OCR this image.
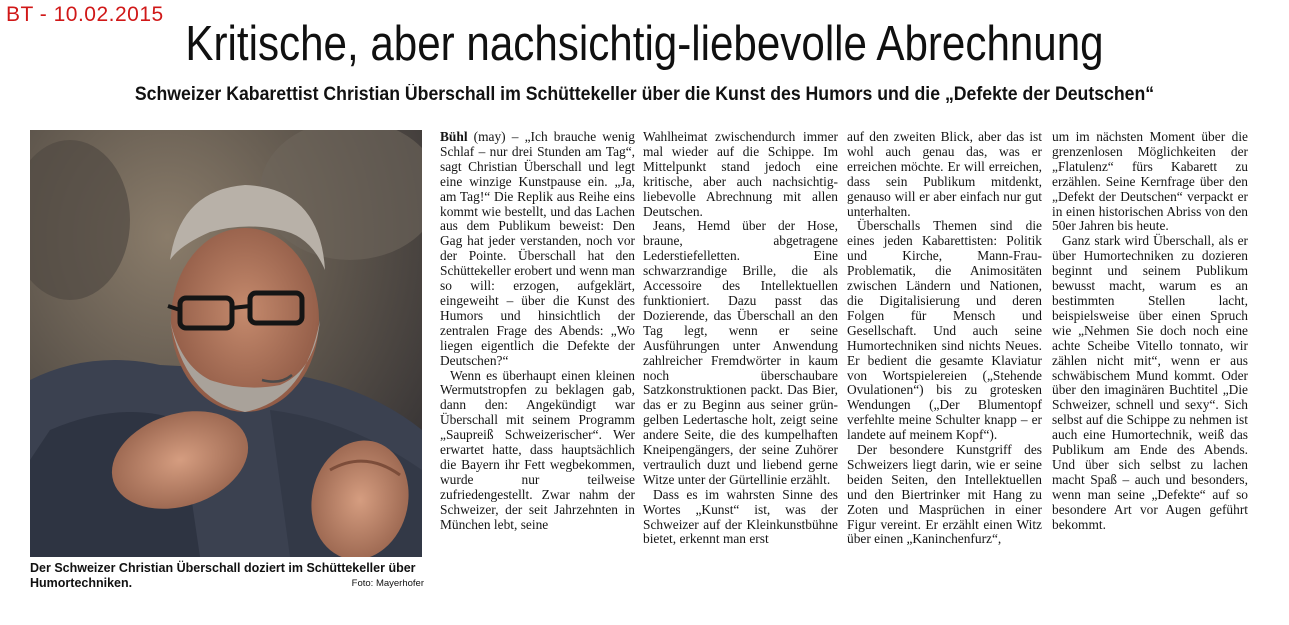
BT - 10.02.2015
Kritische, aber nachsichtig-liebevolle Abrechnung
Schweizer Kabarettist Christian Überschall im Schüttekeller über die Kunst des Humors und die „Defekte der Deutschen“
Der Schweizer Christian Überschall doziert im Schüttekeller über Humortechniken.	Foto: Mayerhofer

Bühl (may) – „Ich brauche wenig Schlaf – nur drei Stunden am Tag“, sagt Christian Überschall und legt eine winzige Kunstpause ein. „Ja, am Tag!“ Die Replik aus Reihe eins kommt wie bestellt, und das Lachen aus dem Publikum beweist: Den Gag hat jeder verstanden, noch vor der Pointe. Überschall hat den Schüttekeller erobert und wenn man so will: erzogen, aufgeklärt, eingeweiht – über die Kunst des Humors und hinsichtlich der zentralen Frage des Abends: „Wo liegen eigentlich die Defekte der Deutschen?“

Wenn es überhaupt einen kleinen Wermutstropfen zu beklagen gab, dann den: Angekündigt war Überschall mit seinem Programm „Saupreiß Schweizerischer“. Wer erwartet hatte, dass hauptsächlich die Bayern ihr Fett wegbekommen, wurde nur teilweise zufriedengestellt. Zwar nahm der Schweizer, der seit Jahrzehnten in München lebt, seine

Wahlheimat zwischendurch immer mal wieder auf die Schippe. Im Mittelpunkt stand jedoch eine kritische, aber auch nachsichtig-liebevolle Abrechnung mit allen Deutschen.

Jeans, Hemd über der Hose, braune, abgetragene Lederstiefelletten. Eine schwarzrandige Brille, die als Accessoire des Intellektuellen funktioniert. Dazu passt das Dozierende, das Überschall an den Tag legt, wenn er seine Ausführungen unter Anwendung zahlreicher Fremdwörter in kaum noch überschaubare Satzkonstruktionen packt. Das Bier, das er zu Beginn aus seiner grün-gelben Ledertasche holt, zeigt seine andere Seite, die des kumpelhaften Kneipengängers, der seine Zuhörer vertraulich duzt und liebend gerne Witze unter der Gürtellinie erzählt.

Dass es im wahrsten Sinne des Wortes „Kunst“ ist, was der Schweizer auf der Kleinkunstbühne bietet, erkennt man erst

auf den zweiten Blick, aber das ist wohl auch genau das, was er erreichen möchte. Er will erreichen, dass sein Publikum mitdenkt, genauso will er aber einfach nur gut unterhalten.

Überschalls Themen sind die eines jeden Kabarettisten: Politik und Kirche, Mann-Frau-Problematik, die Animositäten zwischen Ländern und Nationen, die Digitalisierung und deren Folgen für Mensch und Gesellschaft. Und auch seine Humortechniken sind nichts Neues. Er bedient die gesamte Klaviatur von Wortspielereien („Stehende Ovulationen“) bis zu grotesken Wendungen („Der Blumentopf verfehlte meine Schulter knapp – er landete auf meinem Kopf“).

Der besondere Kunstgriff des Schweizers liegt darin, wie er seine beiden Seiten, den Intellektuellen und den Biertrinker mit Hang zu Zoten und Masprüchen in einer Figur vereint. Er erzählt einen Witz über einen „Kaninchenfurz“,

um im nächsten Moment über die grenzenlosen Möglichkeiten der „Flatulenz“ fürs Kabarett zu erzählen. Seine Kernfrage über den „Defekt der Deutschen“ verpackt er in einen historischen Abriss von den 50er Jahren bis heute.

Ganz stark wird Überschall, als er über Humortechniken zu dozieren beginnt und seinem Publikum bewusst macht, warum es an bestimmten Stellen lacht, beispielsweise über einen Spruch wie „Nehmen Sie doch noch eine achte Scheibe Vitello tonnato, wir zählen nicht mit“, wenn er aus schwäbischem Mund kommt. Oder über den imaginären Buchtitel „Die Schweizer, schnell und sexy“. Sich selbst auf die Schippe zu nehmen ist auch eine Humortechnik, weiß das Publikum am Ende des Abends. Und über sich selbst zu lachen macht Spaß – auch und besonders, wenn man seine „Defekte“ auf so besondere Art vor Augen geführt bekommt.
